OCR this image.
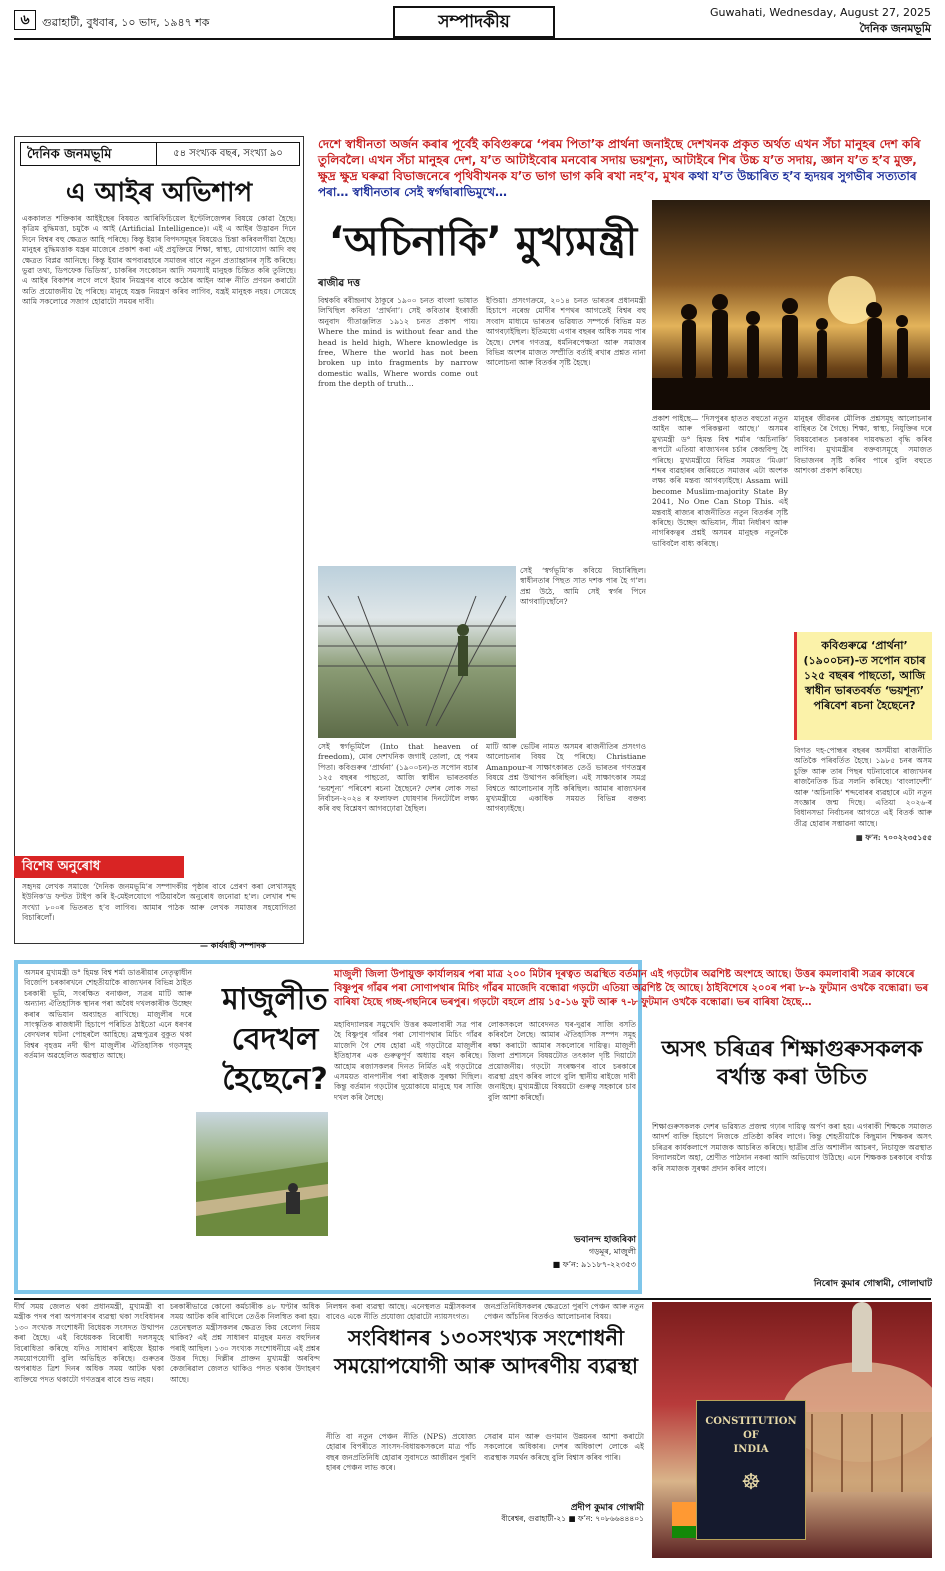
৬	গুৱাহাটী, বুধবাৰ, ১০ ভাদ, ১৯৪৭ শক	সম্পাদকীয়	Guwahati, Wednesday, August 27, 2025
দৈনিক জনমভূমি
দৈনিক জনমভূমি	৫৪ সংখ্যক বছৰ, সংখ্যা ৯০
এ আইৰ অভিশাপ
এককালত শক্তিকাৰ আইইছেৰ বিষয়ত আৰিফিচিয়েল ইণ্টেলিজেন্সৰ বিষয়ে কোৱা হৈছে। কৃত্ৰিম বুদ্ধিমত্তা, চমুকৈ এ আই (Artificial Intelligence)। এই এ আইৰ উদ্ভাৱন দিনে দিনে বিশ্বৰ বহু ক্ষেত্ৰত আহি পৰিছে। কিন্তু ইয়াৰ বিপদসমূহৰ বিষয়েও চিন্তা কৰিবলগীয়া হৈছে। মানুহৰ বুদ্ধিমত্তাক যন্ত্ৰৰ মাজেৰে প্ৰকাশ কৰা এই প্ৰযুক্তিয়ে শিক্ষা, স্বাস্থ্য, যোগাযোগ আদি বহু ক্ষেত্ৰত বিপ্লৱ আনিছে। কিন্তু ইয়াৰ অপব্যৱহাৰে সমাজৰ বাবে নতুন প্ৰত্যাহ্বানৰ সৃষ্টি কৰিছে। ভুৱা তথ্য, ডিপফেক ভিডিঅ’, চাকৰিৰ সংকোচন আদি সমস্যাই মানুহক চিন্তিত কৰি তুলিছে। এ আইৰ বিকাশৰ লগে লগে ইয়াৰ নিয়ন্ত্ৰণৰ বাবে কঠোৰ আইন আৰু নীতি প্ৰণয়ন কৰাটো অতি প্ৰয়োজনীয় হৈ পৰিছে। মানুহে যন্ত্ৰক নিয়ন্ত্ৰণ কৰিব লাগিব, যন্ত্ৰই মানুহক নহয়। সেয়েহে আমি সকলোৱে সজাগ হোৱাটো সময়ৰ দাবী।
বিশেষ অনুৰোধ
সহৃদয় লেখক সমাজে ‘দৈনিক জনমভূমি’ৰ সম্পাদকীয় পৃষ্ঠাৰ বাবে প্ৰেৰণ কৰা লেখাসমূহ ইউনিক’ড ফণ্টত টাইপ কৰি ই-মেইলযোগে পঠিয়াবলৈ অনুৰোধ জনোৱা হ’ল। লেখাৰ শব্দ সংখ্যা ৮০০ৰ ভিতৰত হ’ব লাগিব। আমাৰ পাঠক আৰু লেখক সমাজৰ সহযোগিতা বিচাৰিলোঁ।
— কাৰ্যবাহী সম্পাদক
দেশে স্বাধীনতা অৰ্জন কৰাৰ পূৰ্বেই কবিগুৰুৱে ‘পৰম পিতা’ক প্ৰাৰ্থনা জনাইছে দেশখনক প্ৰকৃত অৰ্থত এখন সঁচা মানুহৰ দেশ কৰি তুলিবলৈ। এখন সঁচা মানুহৰ দেশ, য’ত আটাইবোৰ মনবোৰ সদায় ভয়শূন্য, আটাইৰে শিৰ উচ্চ য’ত সদায়, জ্ঞান য’ত হ’ব মুক্ত, ক্ষুদ্ৰ ক্ষুদ্ৰ ঘৰুৱা বিভাজনেৰে পৃথিবীখনক য’ত ভাগ ভাগ কৰি ৰখা নহ’ব, মুখৰ কথা য’ত উচ্চাৰিত হ’ব হৃদয়ৰ সুগভীৰ সত্যতাৰ পৰা… স্বাধীনতাৰ সেই স্বৰ্গদ্বাৰাভিমুখে…
‘অচিনাকি’ মুখ্যমন্ত্ৰী
ৰাজীৱ দত্ত
বিশ্বকবি ৰবীন্দ্ৰনাথ ঠাকুৰে ১৯০০ চনত বাংলা ভাষাত লিখিছিল কবিতা ‘প্ৰাৰ্থনা’। সেই কবিতাৰ ইংৰাজী অনুবাদ গীতাঞ্জলিত ১৯১২ চনত প্ৰকাশ পায়। Where the mind is without fear and the head is held high, Where knowledge is free, Where the world has not been broken up into fragments by narrow domestic walls, Where words come out from the depth of truth…
ইণ্ডিয়া। প্ৰসংগক্ৰমে, ২০১৪ চনত ভাৰতৰ প্ৰধানমন্ত্ৰী হিচাপে নৰেন্দ্ৰ মোদীৰ শপথৰ আগতেই বিশ্বৰ বহু সংবাদ মাধ্যমে ভাৰতৰ ভৱিষ্যত সম্পৰ্কে বিভিন্ন মত আগবঢ়াইছিল। ইতিমধ্যে এগাৰ বছৰৰ অধিক সময় পাৰ হৈছে। দেশৰ গণতন্ত্ৰ, ধৰ্মনিৰপেক্ষতা আৰু সমাজৰ বিভিন্ন অংশৰ মাজত সম্প্ৰীতি বৰ্তাই ৰখাৰ প্ৰশ্নত নানা আলোচনা আৰু বিতৰ্কৰ সৃষ্টি হৈছে।
সেই ‘স্বৰ্গভূমি’ক কবিয়ে বিচাৰিছিল। স্বাধীনতাৰ পিছত সাত দশক পাৰ হৈ গ’ল। প্ৰশ্ন উঠে, আমি সেই স্বৰ্গৰ পিনে আগবাঢ়িছোঁনে?
সেই স্বৰ্গভূমিলৈ (Into that heaven of freedom), মোৰ দেশখনিক জগাই তোলা, হে পৰম পিতা। কবিগুৰুৰ ‘প্ৰাৰ্থনা’ (১৯০০চন)-ত সপোন বচাৰ ১২৫ বছৰৰ পাছতো, আজি স্বাধীন ভাৰতবৰ্ষত ‘ভয়শূন্য’ পৰিবেশ ৰচনা হৈছেনে? দেশৰ লোক সভা নিৰ্বাচন-২০২৪ ৰ ফলাফল ঘোষণাৰ দিনটোলৈ লক্ষ্য কৰি বহু বিশ্লেষণ আগবঢ়োৱা হৈছিল।
মাটি আৰু ভেটিৰ নামত অসমৰ ৰাজনীতিৰ প্ৰসংগও আলোচনাৰ বিষয় হৈ পৰিছে। Christiane Amanpour-ৰ সাক্ষাৎকাৰত তেওঁ ভাৰতৰ গণতন্ত্ৰৰ বিষয়ে প্ৰশ্ন উত্থাপন কৰিছিল। এই সাক্ষাৎকাৰ সমগ্ৰ বিশ্বতে আলোচনাৰ সৃষ্টি কৰিছিল। আমাৰ ৰাজ্যখনৰ মুখ্যমন্ত্ৰীয়ে একাধিক সময়ত বিভিন্ন বক্তব্য আগবঢ়াইছে।
প্ৰকাশ পাইছে— ‘দিসপুৰৰ হাতত বহুতো নতুন আইন আৰু পৰিকল্পনা আছে।’ অসমৰ মুখ্যমন্ত্ৰী ড° হিমন্ত বিশ্ব শৰ্মাৰ ‘অচিনাকি’ ৰূপটো এতিয়া ৰাজ্যখনৰ চৰ্চাৰ কেন্দ্ৰবিন্দু হৈ পৰিছে। মুখ্যমন্ত্ৰীয়ে বিভিন্ন সময়ত ‘মিঞা’ শব্দৰ ব্যৱহাৰৰ জৰিয়তে সমাজৰ এটা অংশক লক্ষ্য কৰি মন্তব্য আগবঢ়াইছে। Assam will become Muslim-majority State By 2041, No One Can Stop This. এই মন্তব্যই ৰাজ্যৰ ৰাজনীতিত নতুন বিতৰ্কৰ সৃষ্টি কৰিছে। উচ্ছেদ অভিযান, সীমা নিৰ্ধাৰণ আৰু নাগৰিকত্বৰ প্ৰশ্নই অসমৰ মানুহক নতুনকৈ ভাবিবলৈ বাধ্য কৰিছে।
মানুহৰ জীৱনৰ মৌলিক প্ৰশ্নসমূহ আলোচনাৰ বাহিৰত ৰৈ গৈছে। শিক্ষা, স্বাস্থ্য, নিযুক্তিৰ দৰে বিষয়বোৰত চৰকাৰৰ দায়বদ্ধতা বৃদ্ধি কৰিব লাগিব। মুখ্যমন্ত্ৰীৰ বক্তব্যসমূহে সমাজত বিভাজনৰ সৃষ্টি কৰিব পাৰে বুলি বহুতে আশংকা প্ৰকাশ কৰিছে।
কবিগুৰুৱে ‘প্ৰাৰ্থনা’ (১৯০০চন)-ত সপোন বচাৰ ১২৫ বছৰৰ পাছতো, আজি স্বাধীন ভাৰতবৰ্ষত ‘ভয়শূন্য’ পৰিবেশ ৰচনা হৈছেনে?
বিগত দহ-পোন্ধৰ বছৰৰ অসমীয়া ৰাজনীতি অতিকৈ পৰিবৰ্তিত হৈছে। ১৯৮৫ চনৰ অসম চুক্তি আৰু তাৰ পিছৰ ঘটনাবোৰে ৰাজ্যখনৰ ৰাজনৈতিক চিত্ৰ সলনি কৰিছে। ‘বাংলাদেশী’ আৰু ‘অচিনাকি’ শব্দবোৰৰ ব্যৱহাৰে এটা নতুন সংজ্ঞাৰ জন্ম দিছে। এতিয়া ২০২৬-ৰ বিধানসভা নিৰ্বাচনৰ আগতে এই বিতৰ্ক আৰু তীব্ৰ হোৱাৰ সম্ভাৱনা আছে।
■ ফ’ন: ৭০০২২৩৫১৫৫
অসমৰ মুখ্যমন্ত্ৰী ড° হিমন্ত বিশ্ব শৰ্মা ডাঙৰীয়াৰ নেতৃত্বাধীন বিজেপি চৰকাৰখনে শেহতীয়াকৈ ৰাজ্যখনৰ বিভিন্ন ঠাইত চৰকাৰী ভূমি, সংৰক্ষিত বনাঞ্চল, সত্ৰৰ মাটি আৰু অন্যান্য ঐতিহাসিক স্থানৰ পৰা অবৈধ দখলকাৰীক উচ্ছেদ কৰাৰ অভিযান অব্যাহত ৰাখিছে। মাজুলীৰ দৰে সাংস্কৃতিক ৰাজধানী হিচাপে পৰিচিত ঠাইতো এনে ধৰণৰ বেদখলৰ ঘটনা পোহৰলৈ আহিছে। ব্ৰহ্মপুত্ৰৰ বুকুত থকা বিশ্বৰ বৃহত্তম নদী দ্বীপ মাজুলীৰ ঐতিহাসিক গড়সমূহ বৰ্তমান অৱহেলিত অৱস্থাত আছে।
মাজুলীত বেদখল হৈছেনে?
মাজুলী জিলা উপায়ুক্ত কাৰ্যালয়ৰ পৰা মাত্ৰ ২০০ মিটাৰ দূৰত্বত অৱস্থিত বৰ্তমান এই গড়টোৰ অৱশিষ্ট অংশহে আছে। উত্তৰ কমলাবাৰী সত্ৰৰ কাষেৰে বিষ্ণুপুৰ গাঁৱৰ পৰা সোণাপথাৰ মিচিং গাঁৱৰ মাজেদি বন্ধোৱা গড়টো এতিয়া অৱশিষ্ট হৈ আছে। ঠাইবিশেষে ২০০ৰ পৰা ৮-৯ ফুটমান ওখকৈ বন্ধোৱা। ভৰ বাৰিষা হৈছে গচ্ছ-গছনিৰে ভৰপুৰ। গড়টো বহলে প্ৰায় ১৫-১৬ ফুট আৰু ৭-৮ ফুটমান ওখকৈ বন্ধোৱা। ভৰ বাৰিষা হৈছে…
মহাবিদ্যালয়ৰ সমুখেদি উত্তৰ কমলাবাৰী সত্ৰ পাৰ হৈ বিষ্ণুপুৰ গাঁৱৰ পৰা সোণাপথাৰ মিচিং গাঁৱৰ মাজেদি গৈ শেষ হোৱা এই গড়টোৱে মাজুলীৰ ইতিহাসৰ এক গুৰুত্বপূৰ্ণ অধ্যায় বহন কৰিছে। আহোম ৰজাসকলৰ দিনত নিৰ্মিত এই গড়টোৱে এসময়ত বানপানীৰ পৰা ৰাইজক সুৰক্ষা দিছিল। কিন্তু বৰ্তমান গড়টোৰ দুয়োকাষে মানুহে ঘৰ সাজি দখল কৰি লৈছে।
লোকসকলে আবেদনত ঘৰ-দুৱাৰ সাজি বসতি কৰিবলৈ লৈছে। আমাৰ ঐতিহাসিক সম্পদ সমূহ ৰক্ষা কৰাটো আমাৰ সকলোৰে দায়িত্ব। মাজুলী জিলা প্ৰশাসনে বিষয়টোত তৎকাল দৃষ্টি দিয়াটো প্ৰয়োজনীয়। গড়টো সংৰক্ষণৰ বাবে চৰকাৰে ব্যৱস্থা গ্ৰহণ কৰিব লাগে বুলি স্থানীয় ৰাইজে দাবী জনাইছে। মুখ্যমন্ত্ৰীয়ে বিষয়টো গুৰুত্ব সহকাৰে চাব বুলি আশা কৰিছোঁ।
ভবানন্দ হাজৰিকা
গড়মূৰ, মাজুলী
■ ফ’ন: ৯১১৮৭-২২৩৫৩
অসৎ চৰিত্ৰৰ শিক্ষাগুৰুসকলক বৰ্খাস্ত কৰা উচিত
শিক্ষাগুৰুসকলক দেশৰ ভৱিষ্যত প্ৰজন্ম গঢ়াৰ দায়িত্ব অৰ্পণ কৰা হয়। এগৰাকী শিক্ষকে সমাজত আদৰ্শ ব্যক্তি হিচাপে নিজকে প্ৰতিষ্ঠা কৰিব লাগে। কিন্তু শেহতীয়াকৈ কিছুমান শিক্ষকৰ অসৎ চৰিত্ৰৰ কাৰ্যকলাপে সমাজক আচৰিত কৰিছে। ছাত্ৰীৰ প্ৰতি অশালীন আচৰণ, নিচাযুক্ত অৱস্থাত বিদ্যালয়লৈ অহা, শ্ৰেণীত পাঠদান নকৰা আদি অভিযোগ উঠিছে। এনে শিক্ষকক চৰকাৰে বৰ্খাস্ত কৰি সমাজক সুৰক্ষা প্ৰদান কৰিব লাগে।
নিৰোদ কুমাৰ গোস্বামী, গোলাঘাট
দীৰ্ঘ সময় জেলত থকা প্ৰধানমন্ত্ৰী, মুখ্যমন্ত্ৰী বা মন্ত্ৰীক পদৰ পৰা অপসাৰণৰ ব্যৱস্থা থকা সংবিধানৰ ১৩০ সংখ্যক সংশোধনী বিধেয়ক সংসদত উত্থাপন কৰা হৈছে। এই বিধেয়কক বিৰোধী দলসমূহে বিৰোধিতা কৰিছে যদিও সাধাৰণ ৰাইজে ইয়াক সময়োপযোগী বুলি অভিহিত কৰিছে। গুৰুতৰ অপৰাধত ত্ৰিশ দিনৰ অধিক সময় আটক থকা ব্যক্তিয়ে পদত থকাটো গণতন্ত্ৰৰ বাবে শুভ নহয়।
চৰকাৰীভাৱে কোনো কৰ্মচাৰীক ৪৮ ঘণ্টাৰ অধিক সময় আটক কৰি ৰাখিলে তেওঁক নিলম্বিত কৰা হয়। তেনেস্থলত মন্ত্ৰীসকলৰ ক্ষেত্ৰত কিয় বেলেগ নিয়ম থাকিব? এই প্ৰশ্ন সাধাৰণ মানুহৰ মনত বহুদিনৰ পৰাই আছিল। ১৩০ সংখ্যক সংশোধনীয়ে এই প্ৰশ্নৰ উত্তৰ দিছে। দিল্লীৰ প্ৰাক্তন মুখ্যমন্ত্ৰী অৰবিন্দ কেজৰিৱাল জেলত থাকিও পদত থকাৰ উদাহৰণ আছে।
নিলম্বন কৰা ব্যৱস্থা আছে। এনেস্থলত মন্ত্ৰীসকলৰ বাবেও একে নীতি প্ৰযোজ্য হোৱাটো ন্যায়সংগত।
জনপ্ৰতিনিধিসকলৰ ক্ষেত্ৰতো পুৰণি পেঞ্চন আৰু নতুন পেঞ্চন আঁচনিৰ বিতৰ্কও আলোচনাৰ বিষয়।
সংবিধানৰ ১৩০সংখ্যক সংশোধনী সময়োপযোগী আৰু আদৰণীয় ব্যৱস্থা
নীতি বা নতুন পেঞ্চন নীতি (NPS) প্ৰযোজ্য হোৱাৰ বিপৰীতে সাংসদ-বিধায়কসকলে মাত্ৰ পাঁচ বছৰ জনপ্ৰতিনিধি হোৱাৰ সুবাদতে আজীৱন পুৰণি হাৰৰ পেঞ্চন লাভ কৰে।
সেৱাৰ মান আৰু গুণমান উন্নয়নৰ আশা কৰাটো সকলোৰে অধিকাৰ। দেশৰ অধিকাংশ লোকে এই ব্যৱস্থাক সমৰ্থন কৰিছে বুলি বিশ্বাস কৰিব পাৰি।
প্ৰদীপ কুমাৰ গোস্বামী
বীৰেশ্বৰ, গুৱাহাটী-২১ ■ ফ’ন: ৭০৮৬৬৪৪৪০১
CONSTITUTION
OF
INDIA
☸
